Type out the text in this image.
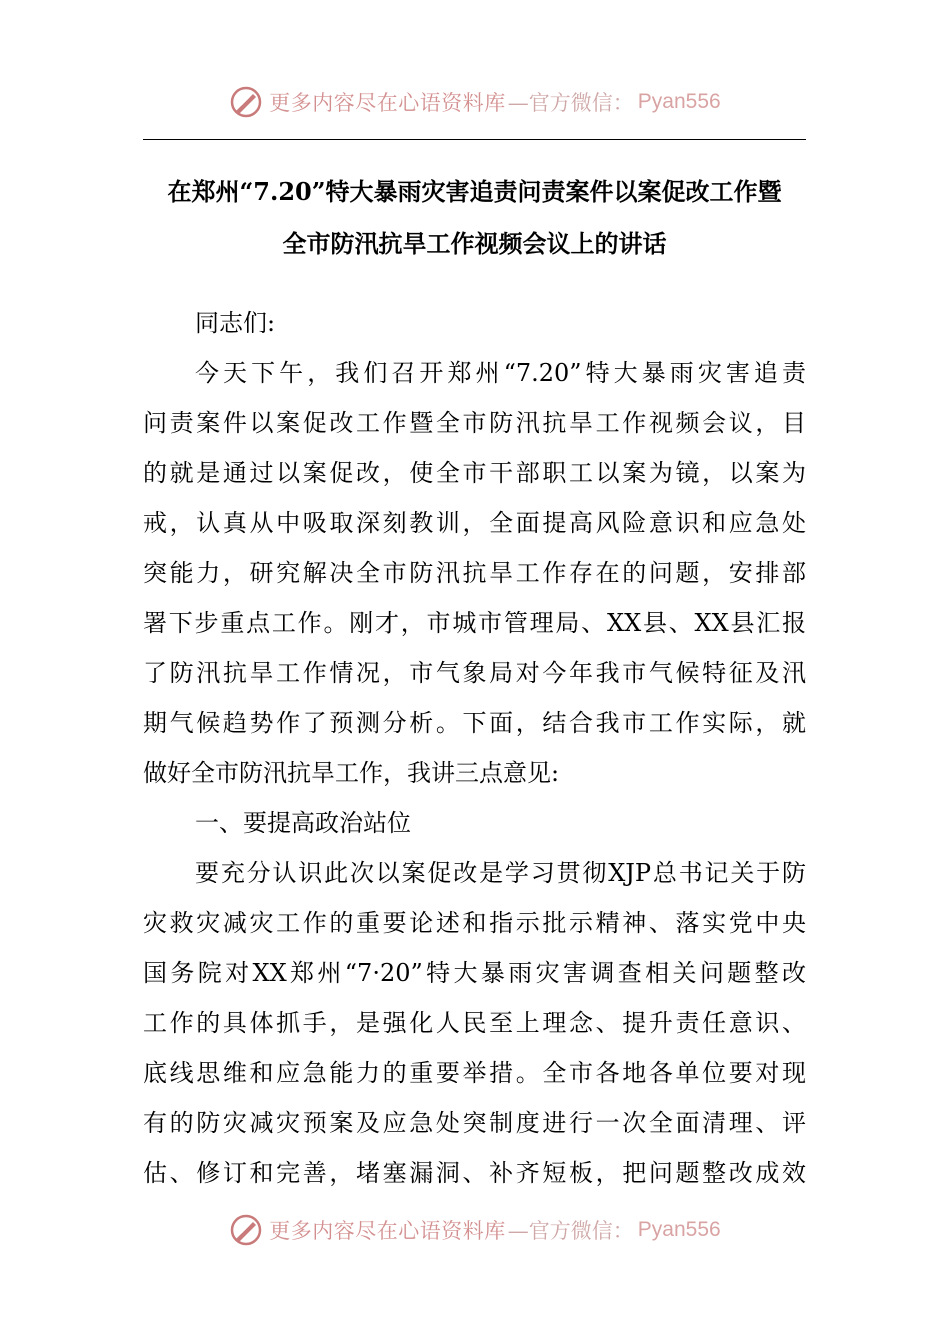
更多内容尽在心语资料库 —官方微信： Pyan556
在郑州“7.20”特大暴雨灾害追责问责案件以案促改工作暨
全市防汛抗旱工作视频会议上的讲话
同志们:

今天下午，我们召开郑州“7.20”特大暴雨灾害追责
问责案件以案促改工作暨全市防汛抗旱工作视频会议，目
的就是通过以案促改，使全市干部职工以案为镜，以案为
戒，认真从中吸取深刻教训，全面提高风险意识和应急处
突能力，研究解决全市防汛抗旱工作存在的问题，安排部
署下步重点工作。刚才，市城市管理局、XX县、XX县汇报
了防汛抗旱工作情况，市气象局对今年我市气候特征及汛
期气候趋势作了预测分析。下面，结合我市工作实际，就
做好全市防汛抗旱工作，我讲三点意见:

一、要提高政治站位

要充分认识此次以案促改是学习贯彻XJP总书记关于防
灾救灾减灾工作的重要论述和指示批示精神、落实党中央
国务院对XX郑州“7·20”特大暴雨灾害调查相关问题整改
工作的具体抓手，是强化人民至上理念、提升责任意识、
底线思维和应急能力的重要举措。全市各地各单位要对现
有的防灾减灾预案及应急处突制度进行一次全面清理、评
估、修订和完善，堵塞漏洞、补齐短板，把问题整改成效

更多内容尽在心语资料库 —官方微信： Pyan556
